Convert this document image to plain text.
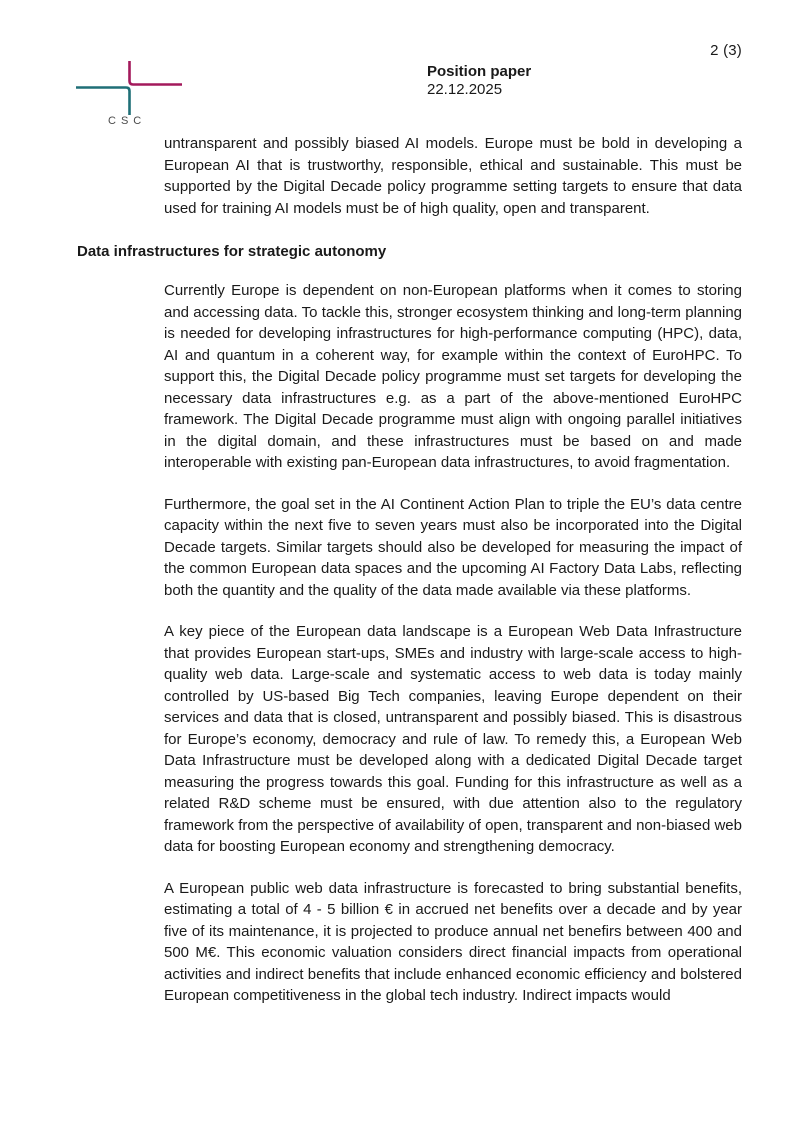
2 (3)
CSC
Position paper
22.12.2025

untransparent and possibly biased AI models. Europe must be bold in developing a European AI that is trustworthy, responsible, ethical and sustainable. This must be supported by the Digital Decade policy programme setting targets to ensure that data used for training AI models must be of high quality, open and transparent.

Data infrastructures for strategic autonomy

Currently Europe is dependent on non-European platforms when it comes to storing and accessing data. To tackle this, stronger ecosystem thinking and long-term planning is needed for developing infrastructures for high-performance computing (HPC), data, AI and quantum in a coherent way, for example within the context of EuroHPC. To support this, the Digital Decade policy programme must set targets for developing the necessary data infrastructures e.g. as a part of the above-mentioned EuroHPC framework. The Digital Decade programme must align with ongoing parallel initiatives in the digital domain, and these infrastructures must be based on and made interoperable with existing pan-European data infrastructures, to avoid fragmentation.

Furthermore, the goal set in the AI Continent Action Plan to triple the EU’s data centre capacity within the next five to seven years must also be incorporated into the Digital Decade targets. Similar targets should also be developed for measuring the impact of the common European data spaces and the upcoming AI Factory Data Labs, reflecting both the quantity and the quality of the data made available via these platforms.

A key piece of the European data landscape is a European Web Data Infrastructure that provides European start-ups, SMEs and industry with large-scale access to high-quality web data. Large-scale and systematic access to web data is today mainly controlled by US-based Big Tech companies, leaving Europe dependent on their services and data that is closed, untransparent and possibly biased. This is disastrous for Europe’s economy, democracy and rule of law. To remedy this, a European Web Data Infrastructure must be developed along with a dedicated Digital Decade target measuring the progress towards this goal. Funding for this infrastructure as well as a related R&D scheme must be ensured, with due attention also to the regulatory framework from the perspective of availability of open, transparent and non-biased web data for boosting European economy and strengthening democracy.

A European public web data infrastructure is forecasted to bring substantial benefits, estimating a total of 4 - 5 billion € in accrued net benefits over a decade and by year five of its maintenance, it is projected to produce annual net benefirs between 400 and 500 M€. This economic valuation considers direct financial impacts from operational activities and indirect benefits that include enhanced economic efficiency and bolstered European competitiveness in the global tech industry. Indirect impacts would
